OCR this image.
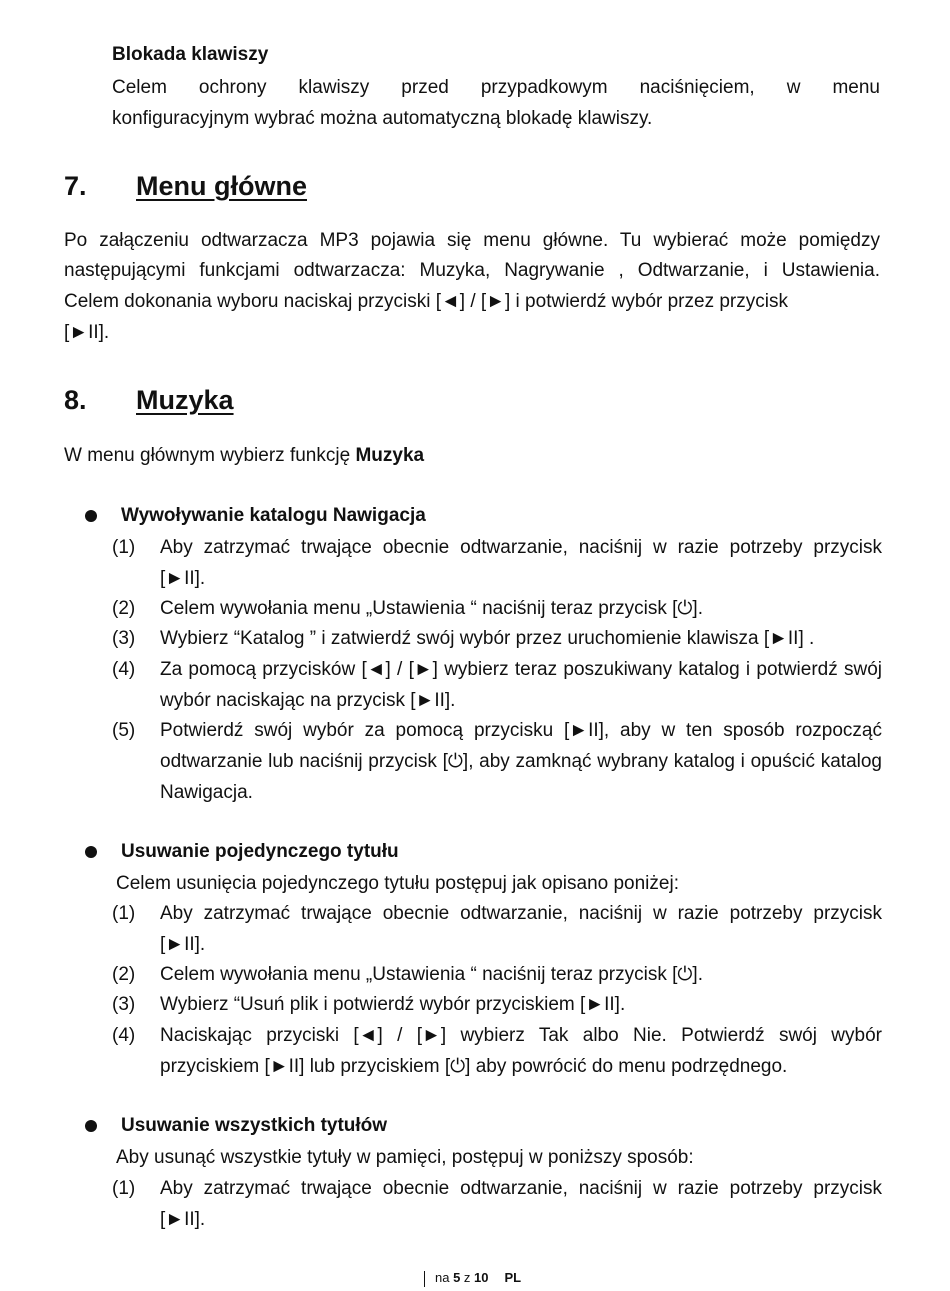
Blokada klawiszy
Celem ochrony klawiszy przed przypadkowym naciśnięciem, w menu
konfiguracyjnym wybrać można automatyczną blokadę klawiszy.
7. Menu główne
Po załączeniu odtwarzacza MP3 pojawia się menu główne. Tu wybierać może pomiędzy
następującymi funkcjami odtwarzacza: Muzyka, Nagrywanie , Odtwarzanie, i Ustawienia.
Celem dokonania wyboru naciskaj przyciski [◄] / [►] i potwierdź wybór przez przycisk
[►II].
8. Muzyka
W menu głównym wybierz funkcję Muzyka
Wywoływanie katalogu Nawigacja
(1) Aby zatrzymać trwające obecnie odtwarzanie, naciśnij w razie potrzeby przycisk [►II].
(2) Celem wywołania menu „Ustawienia “ naciśnij teraz przycisk [⏻].
(3) Wybierz “Katalog ” i zatwierdź swój wybór przez uruchomienie klawisza [►II] .
(4) Za pomocą przycisków [◄] / [►] wybierz teraz poszukiwany katalog i potwierdź swój wybór naciskając na przycisk [►II].
(5) Potwierdź swój wybór za pomocą przycisku [►II], aby w ten sposób rozpocząć odtwarzanie lub naciśnij przycisk [⏻], aby zamknąć wybrany katalog i opuścić katalog Nawigacja.
Usuwanie pojedynczego tytułu
Celem usunięcia pojedynczego tytułu postępuj jak opisano poniżej:
(1) Aby zatrzymać trwające obecnie odtwarzanie, naciśnij w razie potrzeby przycisk [►II].
(2) Celem wywołania menu „Ustawienia “ naciśnij teraz przycisk [⏻].
(3) Wybierz “Usuń plik i potwierdź wybór przyciskiem [►II].
(4) Naciskając przyciski [◄] / [►] wybierz Tak albo Nie. Potwierdź swój wybór przyciskiem [►II] lub przyciskiem [⏻] aby powrócić do menu podrzędnego.
Usuwanie wszystkich tytułów
Aby usunąć wszystkie tytuły w pamięci, postępuj w poniższy sposób:
(1) Aby zatrzymać trwające obecnie odtwarzanie, naciśnij w razie potrzeby przycisk [►II].
na 5 z 10 PL
